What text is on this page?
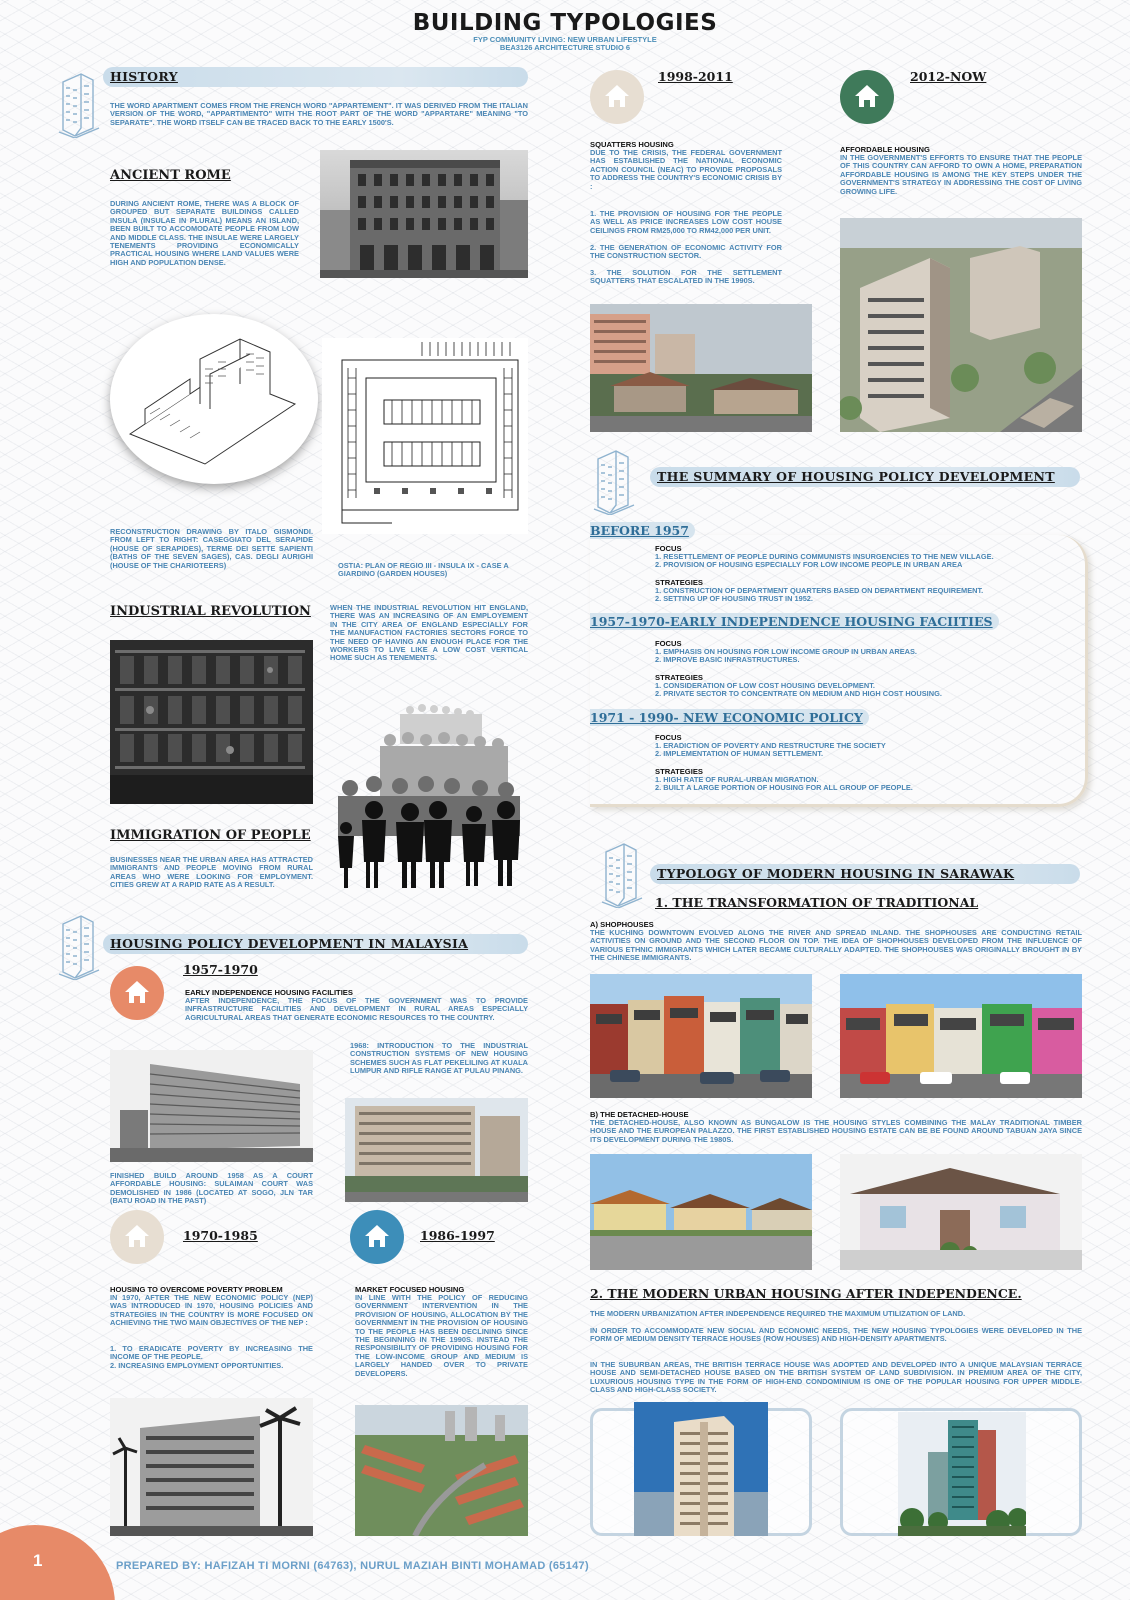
BUILDING TYPOLOGIES
FYP COMMUNITY LIVING: NEW URBAN LIFESTYLE
BEA3126 ARCHITECTURE STUDIO 6
HISTORY
THE WORD APARTMENT COMES FROM THE FRENCH WORD "APPARTEMENT". IT WAS DERIVED FROM THE ITALIAN VERSION OF THE WORD, "APPARTIMENTO" WITH THE ROOT PART OF THE WORD "APPARTARE" MEANING "TO SEPARATE". THE WORD ITSELF CAN BE TRACED BACK TO THE EARLY 1500'S.
ANCIENT ROME
DURING ANCIENT ROME, THERE WAS A BLOCK OF GROUPED BUT SEPARATE BUILDINGS CALLED INSULA (INSULAE IN PLURAL) MEANS AN ISLAND, BEEN BUILT TO ACCOMODATE PEOPLE FROM LOW AND MIDDLE CLASS. THE INSULAE WERE LARGELY TENEMENTS PROVIDING ECONOMICALLY PRACTICAL HOUSING WHERE LAND VALUES WERE HIGH AND POPULATION DENSE.
RECONSTRUCTION DRAWING BY ITALO GISMONDI. FROM LEFT TO RIGHT: CASEGGIATO DEL SERAPIDE (HOUSE OF SERAPIDES), TERME DEI SETTE SAPIENTI (BATHS OF THE SEVEN SAGES), CAS. DEGLI AURIGHI (HOUSE OF THE CHARIOTEERS)	OSTIA: PLAN OF REGIO III - INSULA IX - CASE A GIARDINO (GARDEN HOUSES)
INDUSTRIAL REVOLUTION	WHEN THE INDUSTRIAL REVOLUTION HIT ENGLAND, THERE WAS AN INCREASING OF AN EMPLOYEMENT IN THE CITY AREA OF ENGLAND ESPECIALLY FOR THE MANUFACTION FACTORIES SECTORS FORCE TO THE NEED OF HAVING AN ENOUGH PLACE FOR THE WORKERS TO LIVE LIKE A LOW COST VERTICAL HOME SUCH AS TENEMENTS.
IMMIGRATION OF PEOPLE
BUSINESSES NEAR THE URBAN AREA HAS ATTRACTED IMMIGRANTS AND PEOPLE MOVING FROM RURAL AREAS WHO WERE LOOKING FOR EMPLOYMENT. CITIES GREW AT A RAPID RATE AS A RESULT.
HOUSING POLICY DEVELOPMENT IN MALAYSIA
1957-1970
EARLY INDEPENDENCE HOUSING FACILITIES
AFTER INDEPENDENCE, THE FOCUS OF THE GOVERNMENT WAS TO PROVIDE INFRASTRUCTURE FACILITIES AND DEVELOPMENT IN RURAL AREAS ESPECIALLY AGRICULTURAL AREAS THAT GENERATE ECONOMIC RESOURCES TO THE COUNTRY.
FINISHED BUILD AROUND 1958 AS A COURT AFFORDABLE HOUSING: SULAIMAN COURT WAS DEMOLISHED IN 1986 (LOCATED AT SOGO, JLN TAR (BATU ROAD IN THE PAST)
1968: INTRODUCTION TO THE INDUSTRIAL CONSTRUCTION SYSTEMS OF NEW HOUSING SCHEMES SUCH AS FLAT PEKELILING AT KUALA LUMPUR AND RIFLE RANGE AT PULAU PINANG.
1970-1985
HOUSING TO OVERCOME POVERTY PROBLEM
IN 1970, AFTER THE NEW ECONOMIC POLICY (NEP) WAS INTRODUCED IN 1970, HOUSING POLICIES AND STRATEGIES IN THE COUNTRY IS MORE FOCUSED ON ACHIEVING THE TWO MAIN OBJECTIVES OF THE NEP :
1. TO ERADICATE POVERTY BY INCREASING THE INCOME OF THE PEOPLE.
2. INCREASING EMPLOYMENT OPPORTUNITIES.
1986-1997
MARKET FOCUSED HOUSING
IN LINE WITH THE POLICY OF REDUCING GOVERNMENT INTERVENTION IN THE PROVISION OF HOUSING, ALLOCATION BY THE GOVERNMENT IN THE PROVISION OF HOUSING TO THE PEOPLE HAS BEEN DECLINING SINCE THE BEGINNING IN THE 1990S. INSTEAD THE RESPONSIBILITY OF PROVIDING HOUSING FOR THE LOW-INCOME GROUP AND MEDIUM IS LARGELY HANDED OVER TO PRIVATE DEVELOPERS.
1998-2011
SQUATTERS HOUSING
DUE TO THE CRISIS, THE FEDERAL GOVERNMENT HAS ESTABLISHED THE NATIONAL ECONOMIC ACTION COUNCIL (NEAC) TO PROVIDE PROPOSALS TO ADDRESS THE COUNTRY'S ECONOMIC CRISIS BY :
1. THE PROVISION OF HOUSING FOR THE PEOPLE AS WELL AS PRICE INCREASES LOW COST HOUSE CEILINGS FROM RM25,000 TO RM42,000 PER UNIT.
2. THE GENERATION OF ECONOMIC ACTIVITY FOR THE CONSTRUCTION SECTOR.
3. THE SOLUTION FOR THE SETTLEMENT SQUATTERS THAT ESCALATED IN THE 1990S.
2012-NOW
AFFORDABLE HOUSING
IN THE GOVERNMENT'S EFFORTS TO ENSURE THAT THE PEOPLE OF THIS COUNTRY CAN AFFORD TO OWN A HOME, PREPARATION AFFORDABLE HOUSING IS AMONG THE KEY STEPS UNDER THE GOVERNMENT'S STRATEGY IN ADDRESSING THE COST OF LIVING GROWING LIFE.
THE SUMMARY OF HOUSING POLICY DEVELOPMENT
BEFORE 1957
FOCUS
1. RESETTLEMENT OF PEOPLE DURING COMMUNISTS INSURGENCIES TO THE NEW VILLAGE.
2. PROVISION OF HOUSING ESPECIALLY FOR LOW INCOME PEOPLE IN URBAN AREA
STRATEGIES
1. CONSTRUCTION OF DEPARTMENT QUARTERS BASED ON DEPARTMENT REQUIREMENT.
2. SETTING UP OF HOUSING TRUST IN 1952.
1957-1970-EARLY INDEPENDENCE HOUSING FACIITIES
FOCUS
1. EMPHASIS ON HOUSING FOR LOW INCOME GROUP IN URBAN AREAS.
2. IMPROVE BASIC INFRASTRUCTURES.
STRATEGIES
1. CONSIDERATION OF LOW COST HOUSING DEVELOPMENT.
2. PRIVATE SECTOR TO CONCENTRATE ON MEDIUM AND HIGH COST HOUSING.
1971 - 1990- NEW ECONOMIC POLICY
FOCUS
1. ERADICTION OF POVERTY AND RESTRUCTURE THE SOCIETY
2. IMPLEMENTATION OF HUMAN SETTLEMENT.
STRATEGIES
1. HIGH RATE OF RURAL-URBAN MIGRATION.
2. BUILT A LARGE PORTION OF HOUSING FOR ALL GROUP OF PEOPLE.
TYPOLOGY OF MODERN HOUSING IN SARAWAK
1. THE TRANSFORMATION OF TRADITIONAL
A) SHOPHOUSES
THE KUCHING DOWNTOWN EVOLVED ALONG THE RIVER AND SPREAD INLAND. THE SHOPHOUSES ARE CONDUCTING RETAIL ACTIVITIES ON GROUND AND THE SECOND FLOOR ON TOP. THE IDEA OF SHOPHOUSES DEVELOPED FROM THE INFLUENCE OF VARIOUS ETHNIC IMMIGRANTS WHICH LATER BECAME CULTURALLY ADAPTED. THE SHOPHOUSES WAS ORIGINALLY BROUGHT IN BY THE CHINESE IMMIGRANTS.
B) THE DETACHED-HOUSE
THE DETACHED-HOUSE, ALSO KNOWN AS BUNGALOW IS THE HOUSING STYLES COMBINING THE MALAY TRADITIONAL TIMBER HOUSE AND THE EUROPEAN PALAZZO. THE FIRST ESTABLISHED HOUSING ESTATE CAN BE BE FOUND AROUND TABUAN JAYA SINCE ITS DEVELOPMENT DURING THE 1980S.
2. THE MODERN URBAN HOUSING AFTER INDEPENDENCE.
THE MODERN URBANIZATION AFTER INDEPENDENCE REQUIRED THE MAXIMUM UTILIZATION OF LAND.
IN ORDER TO ACCOMMODATE NEW SOCIAL AND ECONOMIC NEEDS, THE NEW HOUSING TYPOLOGIES WERE DEVELOPED IN THE FORM OF MEDIUM DENSITY TERRACE HOUSES (ROW HOUSES) AND HIGH-DENSITY APARTMENTS.
IN THE SUBURBAN AREAS, THE BRITISH TERRACE HOUSE WAS ADOPTED AND DEVELOPED INTO A UNIQUE MALAYSIAN TERRACE HOUSE AND SEMI-DETACHED HOUSE BASED ON THE BRITISH SYSTEM OF LAND SUBDIVISION. IN PREMIUM AREA OF THE CITY, LUXURIOUS HOUSING TYPE IN THE FORM OF HIGH-END CONDOMINIUM IS ONE OF THE POPULAR HOUSING FOR UPPER MIDDLE-CLASS AND HIGH-CLASS SOCIETY.
1	PREPARED BY: HAFIZAH TI MORNI (64763), NURUL MAZIAH BINTI MOHAMAD (65147)
